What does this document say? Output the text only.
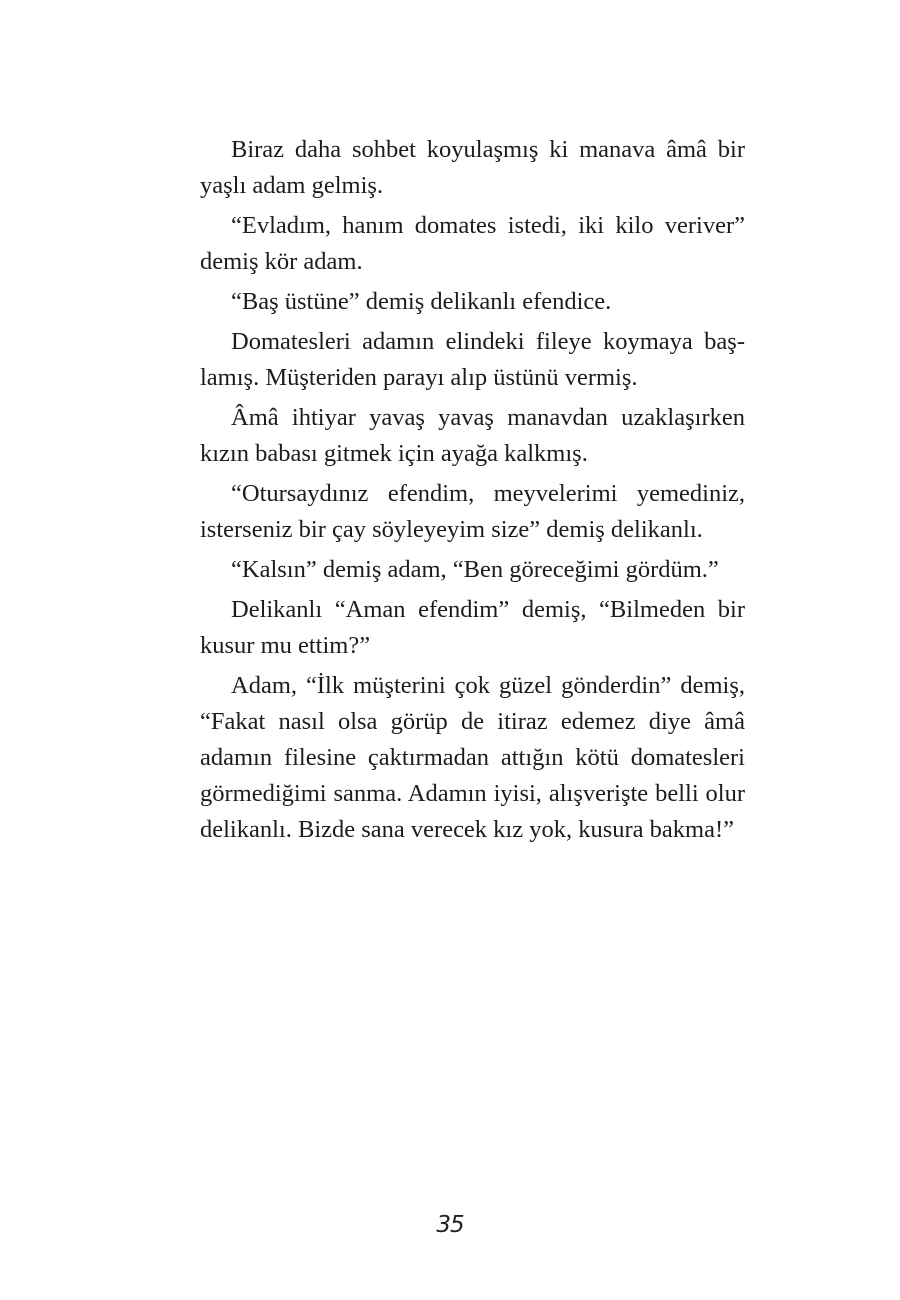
Biraz daha sohbet koyulaşmış ki manava âmâ bir yaşlı adam gelmiş.

“Evladım, hanım domates istedi, iki kilo veriver” demiş kör adam.

“Baş üstüne” demiş delikanlı efendice.

Domatesleri adamın elindeki fileye koymaya baş-lamış. Müşteriden parayı alıp üstünü vermiş.

Âmâ ihtiyar yavaş yavaş manavdan uzaklaşırken kızın babası gitmek için ayağa kalkmış.

“Otursaydınız efendim, meyvelerimi yemediniz, isterseniz bir çay söyleyeyim size” demiş delikanlı.

“Kalsın” demiş adam, “Ben göreceğimi gördüm.”

Delikanlı “Aman efendim” demiş, “Bilmeden bir kusur mu ettim?”

Adam, “İlk müşterini çok güzel gönderdin” demiş, “Fakat nasıl olsa görüp de itiraz edemez diye âmâ adamın filesine çaktırmadan attığın kötü domatesleri görmediğimi sanma. Adamın iyisi, alışverişte belli olur delikanlı. Bizde sana verecek kız yok, kusura bakma!”

35
